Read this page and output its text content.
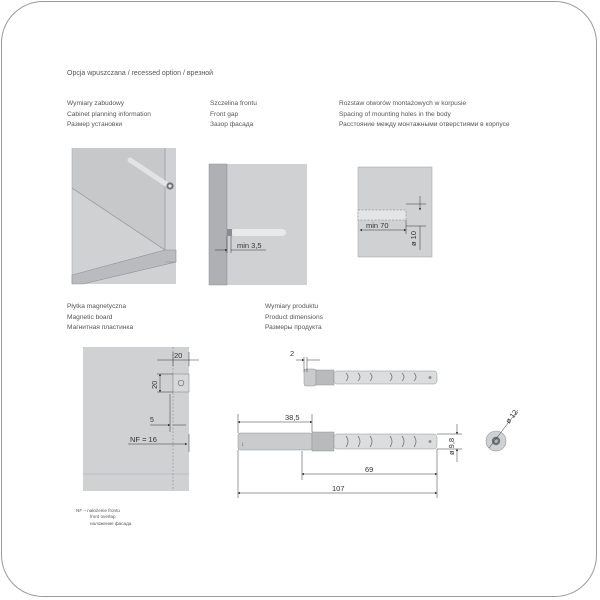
Opcja wpuszczana / recessed option / врезной
Wymiary zabudowy
Cabinet planning information
Размер установки
Szczelina frontu
Front gap
Зазор фасада
Rozstaw otworów montażowych w korpusie
Spacing of mounting holes in the body
Расстояние между монтажными отверстиями в корпусе
Płytka magnetyczna
Magnetic board
Магнитная пластинка
Wymiary produktu
Product dimensions
Размеры продукта
min 3,5
min 70
ø 10
20
20
5
NF = 16
2
↕
38,5
69
107
ø 9,8
ø 12
NF – nałożenie frontu
front overlap
наложение фасада
